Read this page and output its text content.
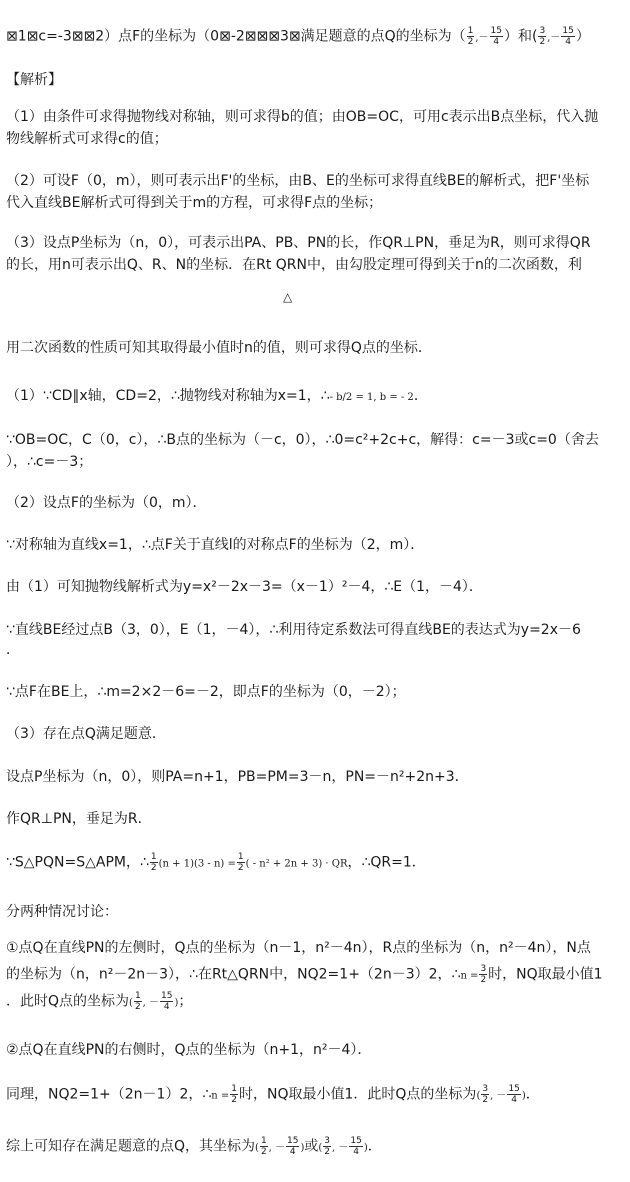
⊠1⊠c=-3⊠⊠2）点F的坐标为（0⊠-2⊠⊠⊠3⊠满足题意的点Q的坐标为（ $\frac{1}{2}$ ,－ $\frac{15}{4}$ ）和( $\frac{3}{2}$ ,－ $\frac{15}{4}$ ）
【解析】
（1）由条件可求得抛物线对称轴，则可求得b的值；由OB=OC，可用c表示出B点坐标，代入抛
物线解析式可求得c的值；
（2）可设F（0，m），则可表示出F'的坐标，由B、E的坐标可求得直线BE的解析式，把F'坐标
代入直线BE解析式可得到关于m的方程，可求得F点的坐标；
（3）设点P坐标为（n，0），可表示出PA、PB、PN的长，作QR⊥PN，垂足为R，则可求得QR
的长，用n可表示出Q、R、N的坐标．在Rt QRN中，由勾股定理可得到关于n的二次函数，利
△
用二次函数的性质可知其取得最小值时n的值，则可求得Q点的坐标．
（1）∵CD∥x轴，CD=2，∴抛物线对称轴为x=1，∴- b/2 = 1, b = - 2．
∵OB=OC，C（0，c），∴B点的坐标为（－c，0），∴0=c²+2c+c，解得：c=－3或c=0（舍去
），∴c=－3；
（2）设点F的坐标为（0，m）．
∵对称轴为直线x=1，∴点F关于直线l的对称点F的坐标为（2，m）．
由（1）可知抛物线解析式为y=x²－2x－3=（x－1）²－4，∴E（1，－4）．
∵直线BE经过点B（3，0），E（1，－4），∴利用待定系数法可得直线BE的表达式为y=2x－6
．
∵点F在BE上，∴m=2×2－6=－2，即点F的坐标为（0，－2）；
（3）存在点Q满足题意．
设点P坐标为（n，0），则PA=n+1，PB=PM=3－n，PN=－n²+2n+3．
作QR⊥PN，垂足为R．
∵S△PQN=S△APM，∴ $\frac{1}{2} (n + 1)(3 - n) = \frac{1}{2}$ ( - n² + 2n + 3) · QR，∴QR=1．
分两种情况讨论：
①点Q在直线PN的左侧时，Q点的坐标为（n－1，n²－4n），R点的坐标为（n，n²－4n），N点
的坐标为（n，n²－2n－3），∴在Rt△QRN中，NQ2=1+（2n－3）2，∴n = $\frac{3}{2}$ 时，NQ取最小值1
．此时Q点的坐标为( $\frac{1}{2}$ , － $\frac{15}{4}$ )；
②点Q在直线PN的右侧时，Q点的坐标为（n+1，n²－4）．
同理，NQ2=1+（2n－1）2，∴n = $\frac{1}{2}$ 时，NQ取最小值1．此时Q点的坐标为( $\frac{3}{2}$ , － $\frac{15}{4}$ )．
综上可知存在满足题意的点Q，其坐标为( $\frac{1}{2}$ , － $\frac{15}{4}$ )或( $\frac{3}{2}$ , － $\frac{15}{4}$ )．
